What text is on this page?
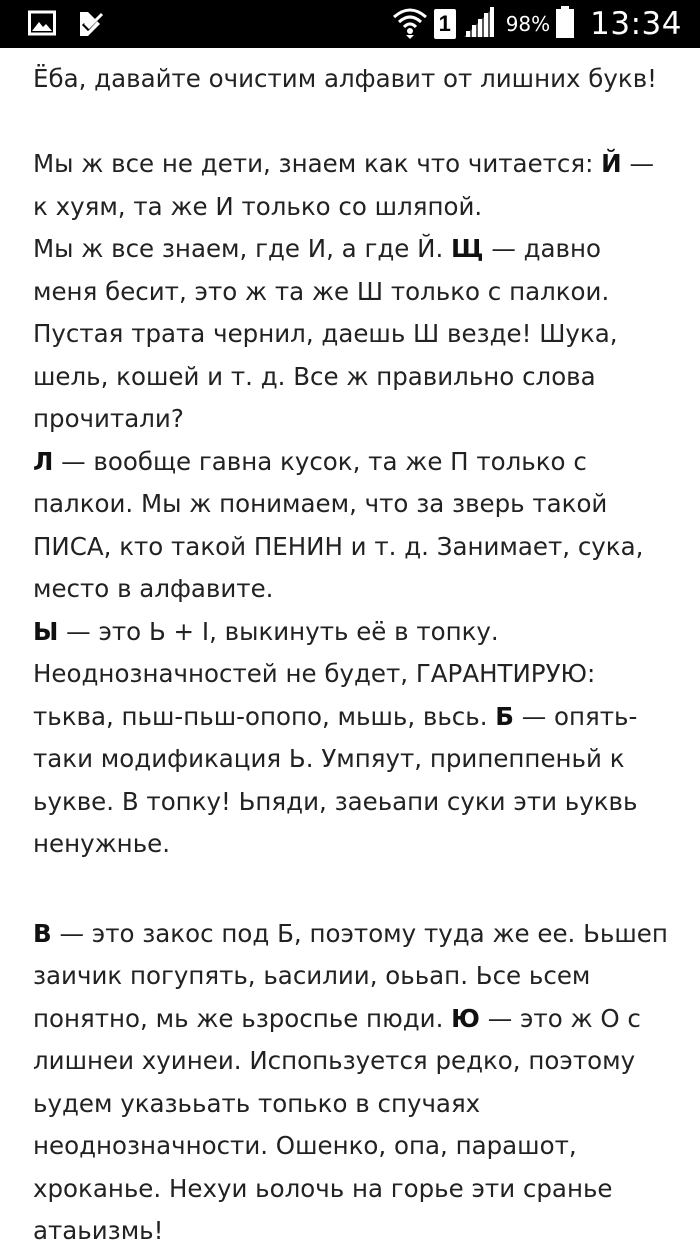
1	98% 13:34

Ёба, давайте очистим алфавит от лишних букв!

Мы ж все не дети, знаем как что читается: Й — к хуям, та же И только со шляпой.
Мы ж все знаем, где И, а где Й. Щ — давно меня бесит, это ж та же Ш только с палкои. Пустая трата чернил, даешь Ш везде! Шука, шель, кошей и т. д. Все ж правильно слова прочитали?

Л — вообще гавна кусок, та же П только с палкои. Мы ж понимаем, что за зверь такой ПИСА, кто такой ПЕНИН и т. д. Занимает, сука, место в алфавите.

Ы — это Ь + I, выкинуть её в топку. Неоднозначностей не будет, ГАРАНТИРУЮ: тьква, пьш-пьш-опопо, мьшь, вьсь. Б — опять-таки модификация Ь. Умпяут, припеппеньй к ьукве. В топку! Ьпяди, заеьапи суки эти ьуквь ненужнье.

В — это закос под Б, поэтому туда же ее. Ььшеп заичик погупять, ьасилии, оььап. Ьсе ьсем понятно, мь же ьзроспье пюди. Ю — это ж О с лишнеи хуинеи. Испопьзуется редко, поэтому ьудем указььать топько в спучаях неоднозначности. Ошенко, опа, парашот, хроканье. Нехуи ьолочь на горье эти сранье атаьизмь!
